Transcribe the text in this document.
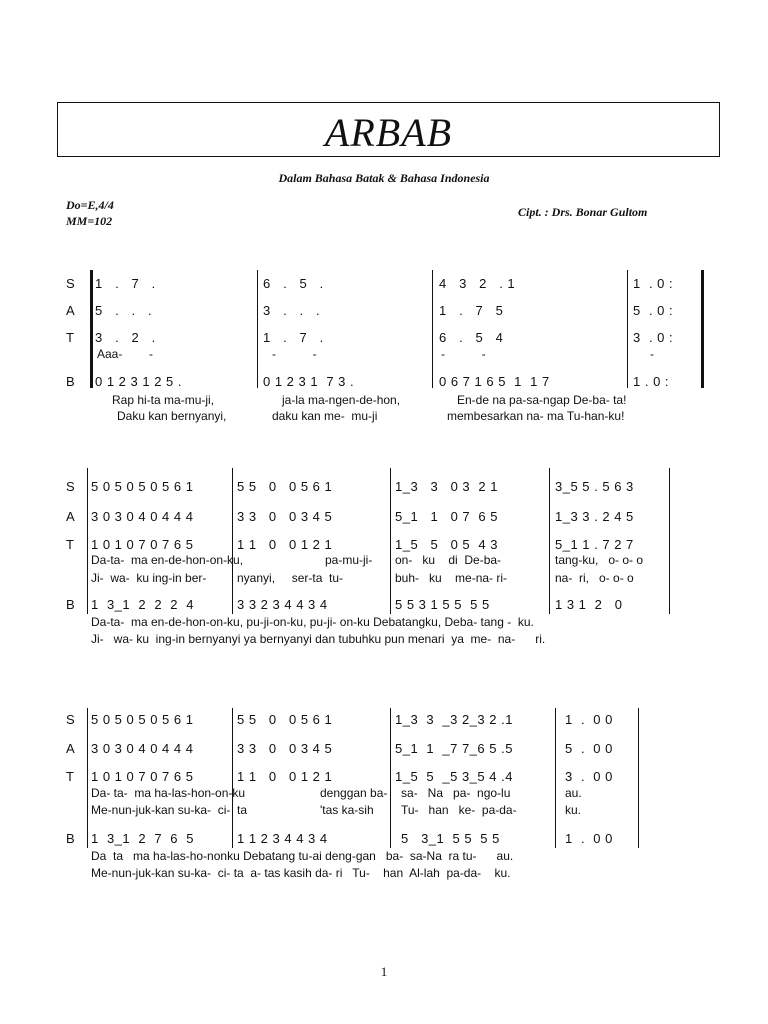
ARBAB
Dalam Bahasa Batak & Bahasa Indonesia
Do=E,4/4
MM=102
Cipt. : Drs. Bonar Gultom
S 1   .   7   .	6   .   5   .	4   3   2   . 1	1  . 0 :
A 5   .   .   .	3   .   .   .	1   .   7   5	5  . 0 :
T 3   .   2   .	1   .   7   .	6   .   5   4	3  . 0 :
Aaa-        -	-           -	-           -	-
B 0 1 2 3 1 2 5 .	0 1 2 3 1  7 3 .	0 6 7 1 6 5  1  1 7	1 . 0 :
Rap hi-ta ma-mu-ji,	ja-la ma-ngen-de-hon,	En-de na pa-sa-ngap De-ba- ta!
Daku kan bernyanyi,	daku kan me-  mu-ji	membesarkan na- ma Tu-han-ku!
S 5 0 5 0 5 0 5 6 1	5 5   0   0 5 6 1	1_3   3   0 3  2 1	3_5 5 . 5 6 3
A 3 0 3 0 4 0 4 4 4	3 3   0   0 3 4 5	5_1   1   0 7  6 5	1_3 3 . 2 4 5
T 1 0 1 0 7 0 7 6 5	1 1   0   0 1 2 1	1_5   5   0 5  4 3	5_1 1 . 7 2 7
Da-ta-  ma en-de-hon-on-ku,	pa-mu-ji- on-   ku    di  De-ba-	tang-ku,   o- o- o
Ji-  wa-  ku ing-in ber-	nyanyi,     ser-ta  tu-	buh-   ku    me-na- ri-	na-  ri,   o- o- o
B 1  3_1  2  2  2  4	3 3 2 3 4 4 3 4	5 5 3 1 5 5  5 5	1 3 1  2   0
Da-ta-  ma en-de-hon-on-ku, pu-ji-on-ku, pu-ji- on-ku Debatangku, Deba- tang -  ku.
Ji-   wa- ku  ing-in bernyanyi ya bernyanyi dan tubuhku pun menari  ya  me-  na-      ri.
S 5 0 5 0 5 0 5 6 1	5 5   0   0 5 6 1	1_3  3  _3 2_3 2 .1	1  .  0 0
A 3 0 3 0 4 0 4 4 4	3 3   0   0 3 4 5	5_1  1  _7 7_6 5 .5	5  .  0 0
T 1 0 1 0 7 0 7 6 5	1 1   0   0 1 2 1	1_5  5  _5 3_5 4 .4	3  .  0 0
Da- ta-  ma ha-las-hon-on-ku	denggan ba- sa-   Na   pa-  ngo-lu	au.
Me-nun-juk-kan su-ka-  ci-  ta	'tas ka-sih Tu-   han   ke-  pa-da-	ku.
B 1  3_1  2  7  6  5	1 1 2 3 4 4 3 4	5   3_1  5 5  5 5	1  .  0 0
Da  ta   ma ha-las-ho-nonku Debatang tu-ai deng-gan   ba-  sa-Na  ra tu-      au.
Me-nun-juk-kan su-ka-  ci- ta  a- tas kasih da- ri   Tu-    han  Al-lah  pa-da-    ku.
1
